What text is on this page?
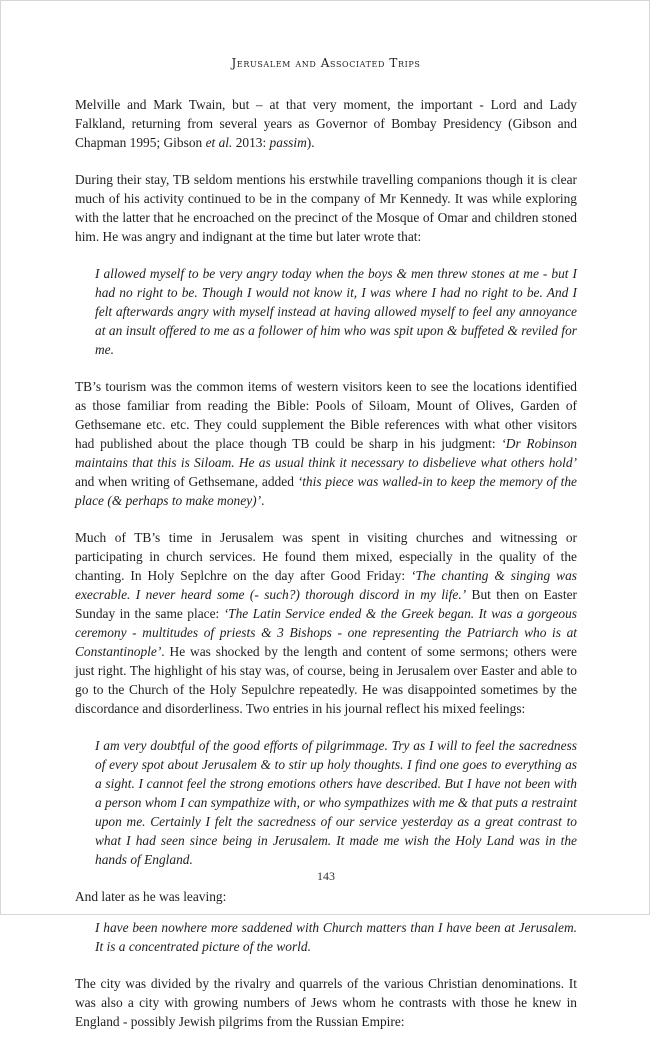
Jerusalem and Associated Trips

Melville and Mark Twain, but – at that very moment, the important - Lord and Lady Falkland, returning from several years as Governor of Bombay Presidency (Gibson and Chapman 1995; Gibson et al. 2013: passim).

During their stay, TB seldom mentions his erstwhile travelling companions though it is clear much of his activity continued to be in the company of Mr Kennedy. It was while exploring with the latter that he encroached on the precinct of the Mosque of Omar and children stoned him. He was angry and indignant at the time but later wrote that:

I allowed myself to be very angry today when the boys & men threw stones at me - but I had no right to be. Though I would not know it, I was where I had no right to be. And I felt afterwards angry with myself instead at having allowed myself to feel any annoyance at an insult offered to me as a follower of him who was spit upon & buffeted & reviled for me.

TB’s tourism was the common items of western visitors keen to see the locations identified as those familiar from reading the Bible: Pools of Siloam, Mount of Olives, Garden of Gethsemane etc. etc. They could supplement the Bible references with what other visitors had published about the place though TB could be sharp in his judgment: ‘Dr Robinson maintains that this is Siloam. He as usual think it necessary to disbelieve what others hold’ and when writing of Gethsemane, added ‘this piece was walled-in to keep the memory of the place (& perhaps to make money)’.

Much of TB’s time in Jerusalem was spent in visiting churches and witnessing or participating in church services. He found them mixed, especially in the quality of the chanting. In Holy Seplchre on the day after Good Friday: ‘The chanting & singing was execrable. I never heard some (- such?) thorough discord in my life.’ But then on Easter Sunday in the same place: ‘The Latin Service ended & the Greek began. It was a gorgeous ceremony - multitudes of priests & 3 Bishops - one representing the Patriarch who is at Constantinople’. He was shocked by the length and content of some sermons; others were just right. The highlight of his stay was, of course, being in Jerusalem over Easter and able to go to the Church of the Holy Sepulchre repeatedly. He was disappointed sometimes by the discordance and disorderliness. Two entries in his journal reflect his mixed feelings:

I am very doubtful of the good efforts of pilgrimmage. Try as I will to feel the sacredness of every spot about Jerusalem & to stir up holy thoughts. I find one goes to everything as a sight. I cannot feel the strong emotions others have described. But I have not been with a person whom I can sympathize with, or who sympathizes with me & that puts a restraint upon me. Certainly I felt the sacredness of our service yesterday as a great contrast to what I had seen since being in Jerusalem. It made me wish the Holy Land was in the hands of England.

And later as he was leaving:

I have been nowhere more saddened with Church matters than I have been at Jerusalem. It is a concentrated picture of the world.

The city was divided by the rivalry and quarrels of the various Christian denominations. It was also a city with growing numbers of Jews whom he contrasts with those he knew in England - possibly Jewish pilgrims from the Russian Empire:

143
